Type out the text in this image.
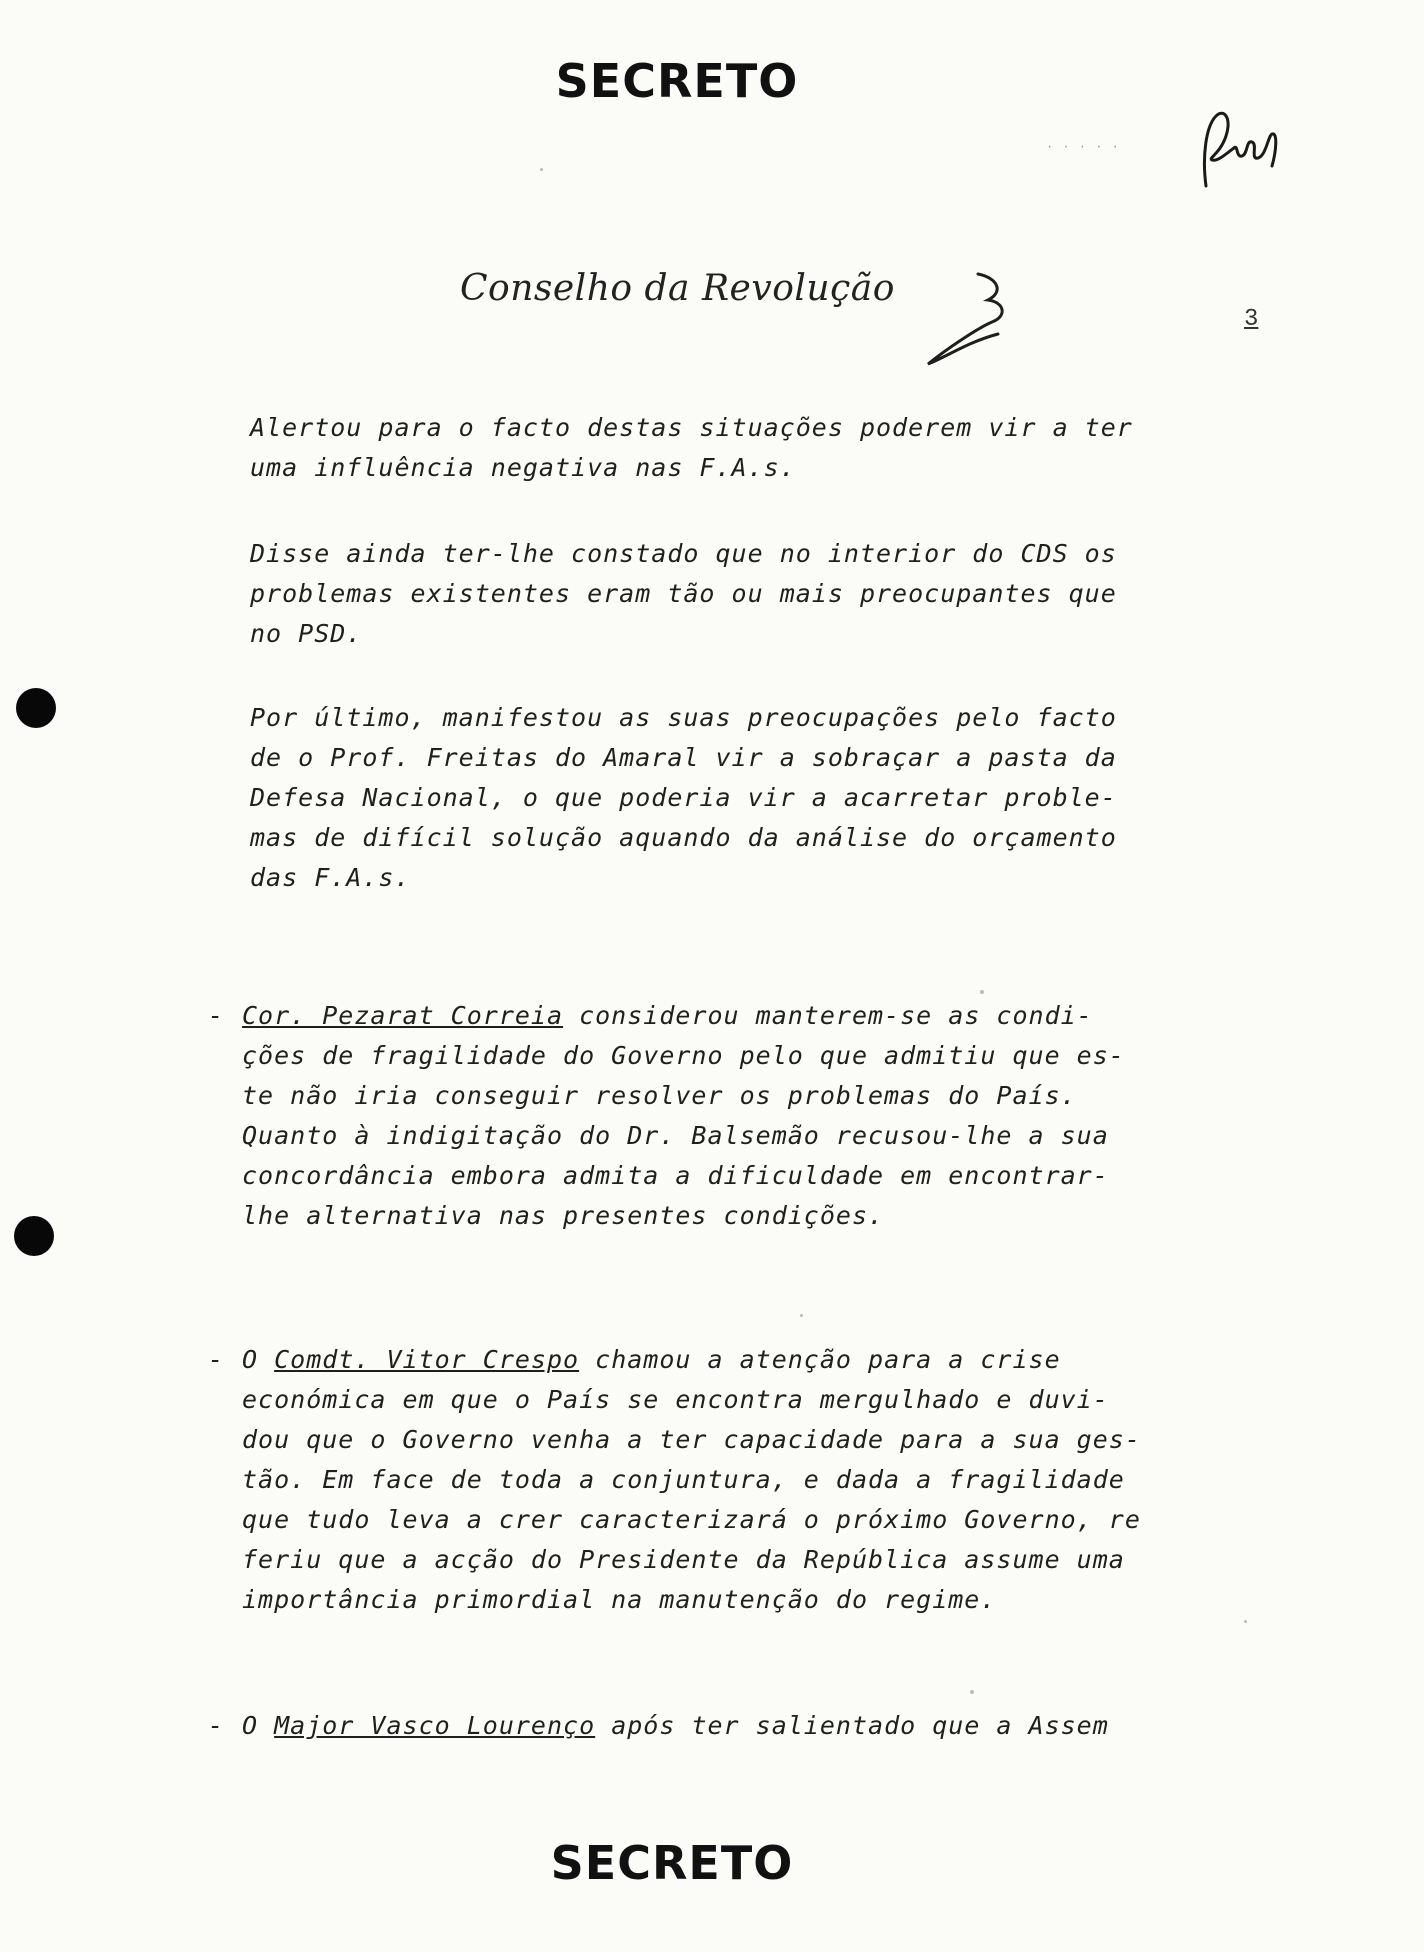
SECRETO
· · · · ·
Conselho da Revolução
3
Alertou para o facto destas situações poderem vir a ter
uma influência negativa nas F.A.s.
Disse ainda ter-lhe constado que no interior do CDS os
problemas existentes eram tão ou mais preocupantes que
no PSD.
Por último, manifestou as suas preocupações pelo facto
de o Prof. Freitas do Amaral vir a sobraçar a pasta da
Defesa Nacional, o que poderia vir a acarretar proble-
mas de difícil solução aquando da análise do orçamento
das F.A.s.
- Cor. Pezarat Correia considerou manterem-se as condi-
ções de fragilidade do Governo pelo que admitiu que es-
te não iria conseguir resolver os problemas do País.
Quanto à indigitação do Dr. Balsemão recusou-lhe a sua
concordância embora admita a dificuldade em encontrar-
lhe alternativa nas presentes condições.
- O Comdt. Vitor Crespo chamou a atenção para a crise
económica em que o País se encontra mergulhado e duvi-
dou que o Governo venha a ter capacidade para a sua ges-
tão. Em face de toda a conjuntura, e dada a fragilidade
que tudo leva a crer caracterizará o próximo Governo, re
feriu que a acção do Presidente da República assume uma
importância primordial na manutenção do regime.
- O Major Vasco Lourenço após ter salientado que a Assem
SECRETO
